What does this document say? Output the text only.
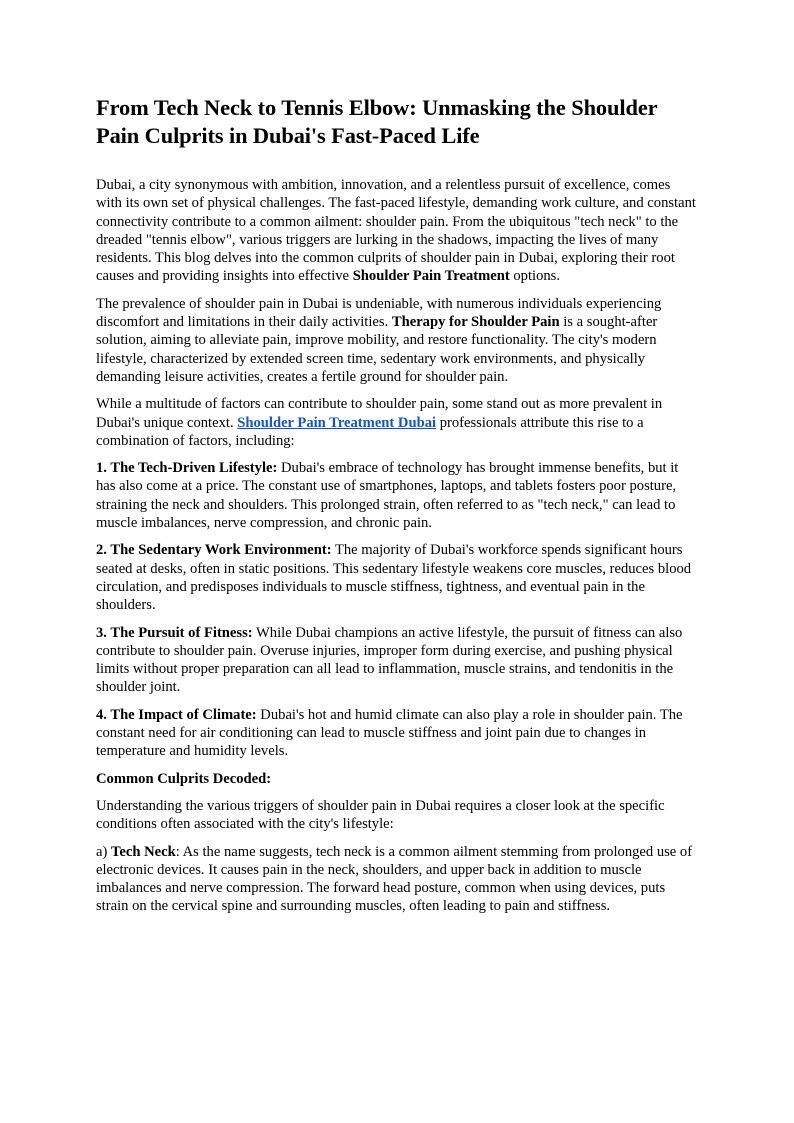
From Tech Neck to Tennis Elbow: Unmasking the Shoulder Pain Culprits in Dubai's Fast-Paced Life

Dubai, a city synonymous with ambition, innovation, and a relentless pursuit of excellence, comes with its own set of physical challenges. The fast-paced lifestyle, demanding work culture, and constant connectivity contribute to a common ailment: shoulder pain. From the ubiquitous "tech neck" to the dreaded "tennis elbow", various triggers are lurking in the shadows, impacting the lives of many residents. This blog delves into the common culprits of shoulder pain in Dubai, exploring their root causes and providing insights into effective Shoulder Pain Treatment options.

The prevalence of shoulder pain in Dubai is undeniable, with numerous individuals experiencing discomfort and limitations in their daily activities. Therapy for Shoulder Pain is a sought-after solution, aiming to alleviate pain, improve mobility, and restore functionality. The city's modern lifestyle, characterized by extended screen time, sedentary work environments, and physically demanding leisure activities, creates a fertile ground for shoulder pain.

While a multitude of factors can contribute to shoulder pain, some stand out as more prevalent in Dubai's unique context. Shoulder Pain Treatment Dubai professionals attribute this rise to a combination of factors, including:

1. The Tech-Driven Lifestyle: Dubai's embrace of technology has brought immense benefits, but it has also come at a price. The constant use of smartphones, laptops, and tablets fosters poor posture, straining the neck and shoulders. This prolonged strain, often referred to as "tech neck," can lead to muscle imbalances, nerve compression, and chronic pain.

2. The Sedentary Work Environment: The majority of Dubai's workforce spends significant hours seated at desks, often in static positions. This sedentary lifestyle weakens core muscles, reduces blood circulation, and predisposes individuals to muscle stiffness, tightness, and eventual pain in the shoulders.

3. The Pursuit of Fitness: While Dubai champions an active lifestyle, the pursuit of fitness can also contribute to shoulder pain. Overuse injuries, improper form during exercise, and pushing physical limits without proper preparation can all lead to inflammation, muscle strains, and tendonitis in the shoulder joint.

4. The Impact of Climate: Dubai's hot and humid climate can also play a role in shoulder pain. The constant need for air conditioning can lead to muscle stiffness and joint pain due to changes in temperature and humidity levels.

Common Culprits Decoded:

Understanding the various triggers of shoulder pain in Dubai requires a closer look at the specific conditions often associated with the city's lifestyle:

a) Tech Neck: As the name suggests, tech neck is a common ailment stemming from prolonged use of electronic devices. It causes pain in the neck, shoulders, and upper back in addition to muscle imbalances and nerve compression. The forward head posture, common when using devices, puts strain on the cervical spine and surrounding muscles, often leading to pain and stiffness.
